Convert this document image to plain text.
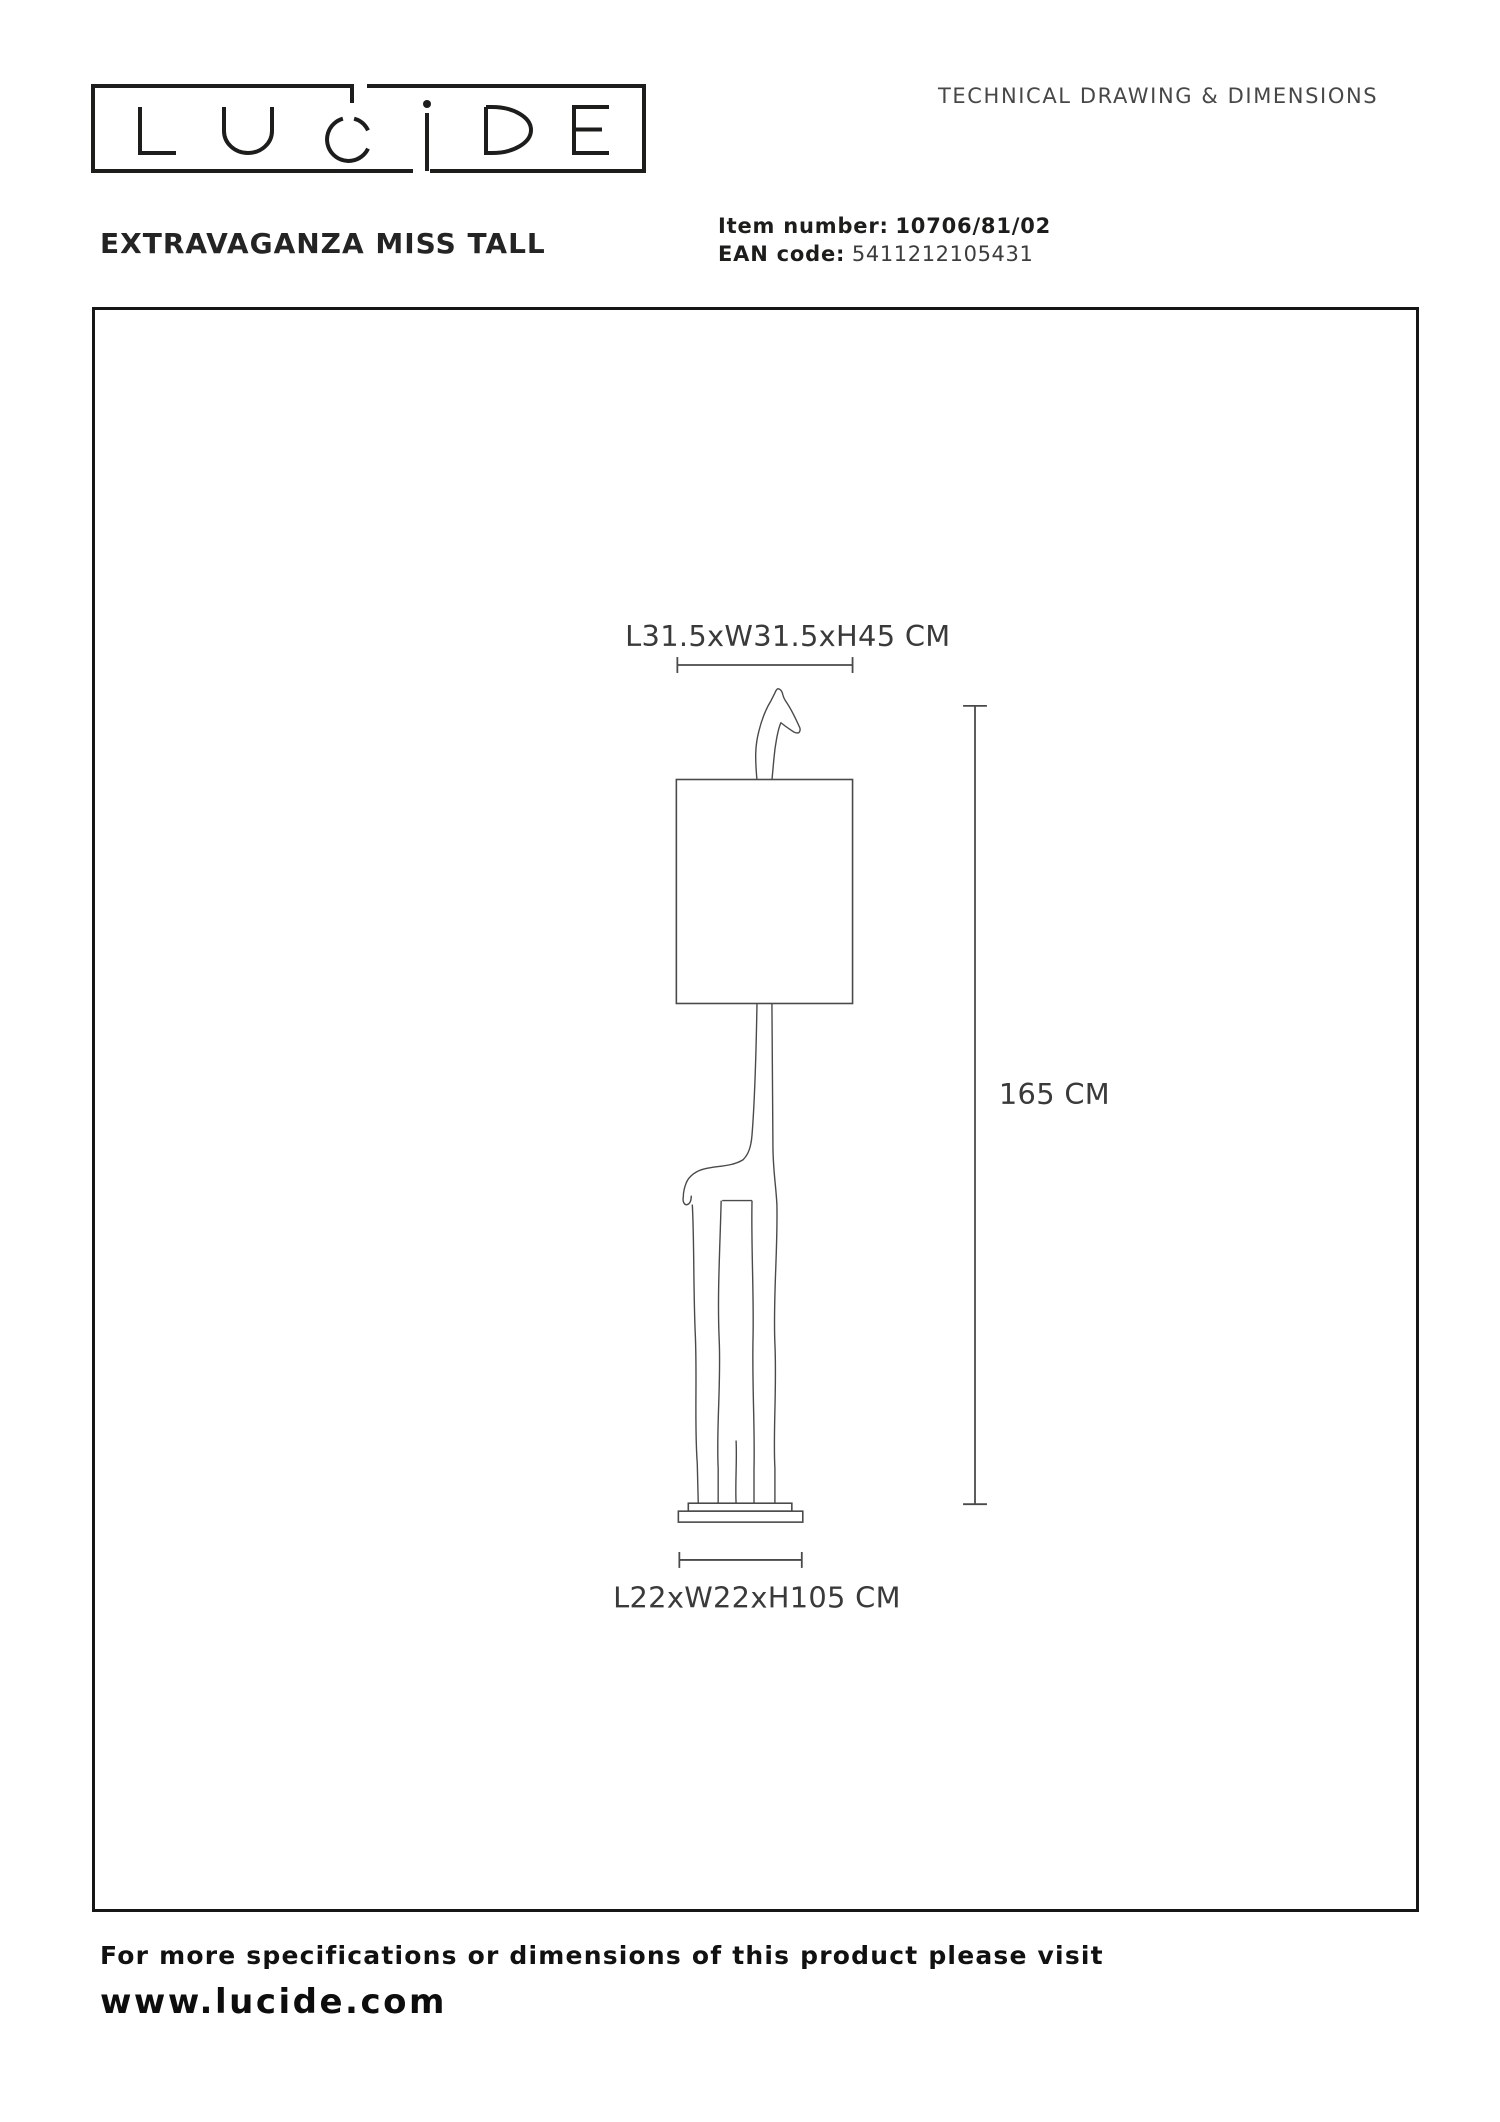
TECHNICAL DRAWING & DIMENSIONS
EXTRAVAGANZA MISS TALL
Item number: 10706/81/02
EAN code: 5411212105431
L31.5xW31.5xH45 CM
L22xW22xH105 CM
165 CM
For more specifications or dimensions of this product please visit
www.lucide.com
